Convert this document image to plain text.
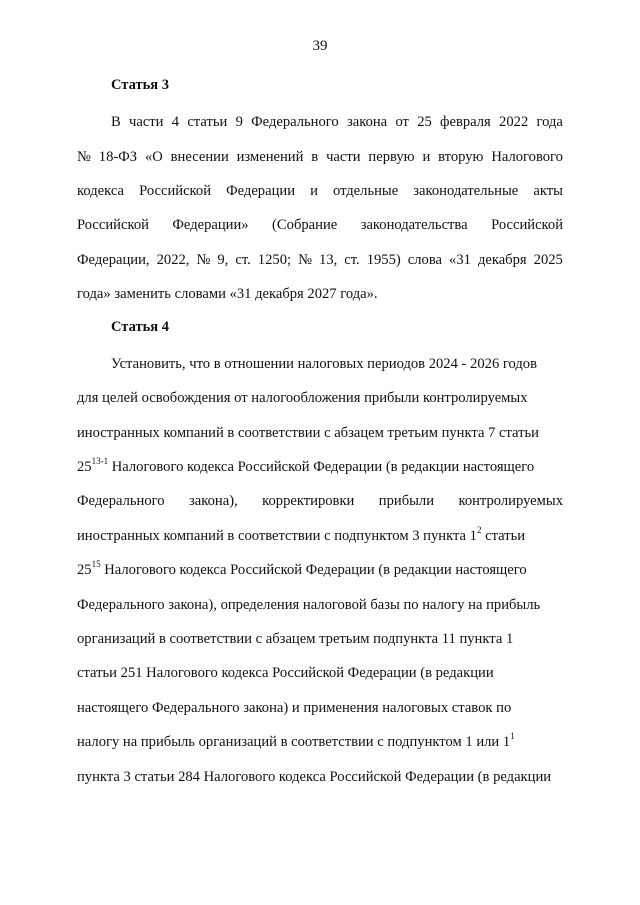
39
Статья 3
В части 4 статьи 9 Федерального закона от 25 февраля 2022 года
№ 18-ФЗ «О внесении изменений в части первую и вторую Налогового
кодекса Российской Федерации и отдельные законодательные акты
Российской Федерации» (Собрание законодательства Российской
Федерации, 2022, № 9, ст. 1250; № 13, ст. 1955) слова «31 декабря 2025
года» заменить словами «31 декабря 2027 года».
Статья 4
Установить, что в отношении налоговых периодов 2024 - 2026 годов
для целей освобождения от налогообложения прибыли контролируемых
иностранных компаний в соответствии с абзацем третьим пункта 7 статьи
25$^{13-1}$ Налогового кодекса Российской Федерации (в редакции настоящего
Федерального закона), корректировки прибыли контролируемых
иностранных компаний в соответствии с подпунктом 3 пункта $1^2$ статьи
$25^{15}$ Налогового кодекса Российской Федерации (в редакции настоящего
Федерального закона), определения налоговой базы по налогу на прибыль
организаций в соответствии с абзацем третьим подпункта 11 пункта 1
статьи 251 Налогового кодекса Российской Федерации (в редакции
настоящего Федерального закона) и применения налоговых ставок по
налогу на прибыль организаций в соответствии с подпунктом 1 или $1^1$
пункта 3 статьи 284 Налогового кодекса Российской Федерации (в редакции
